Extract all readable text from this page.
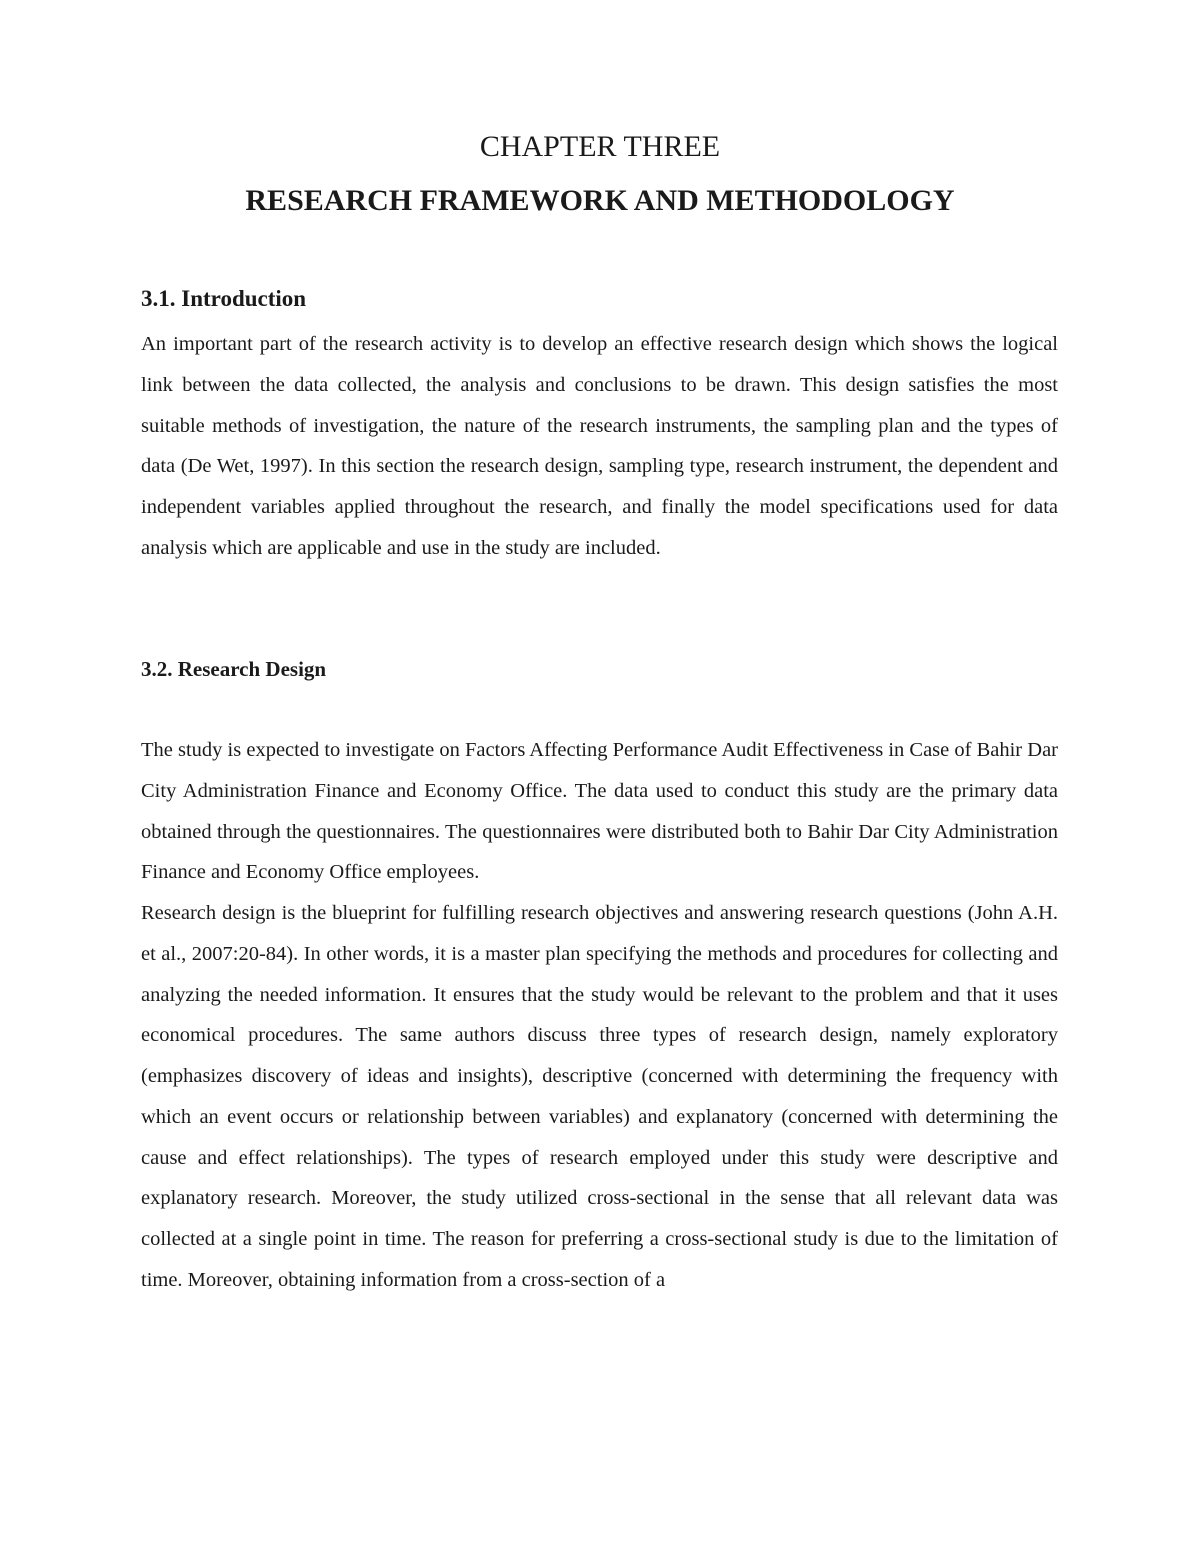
CHAPTER THREE
RESEARCH FRAMEWORK AND METHODOLOGY
3.1. Introduction

An important part of the research activity is to develop an effective research design which shows the logical link between the data collected, the analysis and conclusions to be drawn. This design satisfies the most suitable methods of investigation, the nature of the research instruments, the sampling plan and the types of data (De Wet, 1997). In this section the research design, sampling type, research instrument, the dependent and independent variables applied throughout the research, and finally the model specifications used for data analysis which are applicable and use in the study are included.

3.2. Research Design

The study is expected to investigate on Factors Affecting Performance Audit Effectiveness in Case of Bahir Dar City Administration Finance and Economy Office. The data used to conduct this study are the primary data obtained through the questionnaires. The questionnaires were distributed both to Bahir Dar City Administration Finance and Economy Office employees.

Research design is the blueprint for fulfilling research objectives and answering research questions (John A.H. et al., 2007:20-84). In other words, it is a master plan specifying the methods and procedures for collecting and analyzing the needed information. It ensures that the study would be relevant to the problem and that it uses economical procedures. The same authors discuss three types of research design, namely exploratory (emphasizes discovery of ideas and insights), descriptive (concerned with determining the frequency with which an event occurs or relationship between variables) and explanatory (concerned with determining the cause and effect relationships). The types of research employed under this study were descriptive and explanatory research. Moreover, the study utilized cross-sectional in the sense that all relevant data was collected at a single point in time. The reason for preferring a cross-sectional study is due to the limitation of time. Moreover, obtaining information from a cross-section of a
